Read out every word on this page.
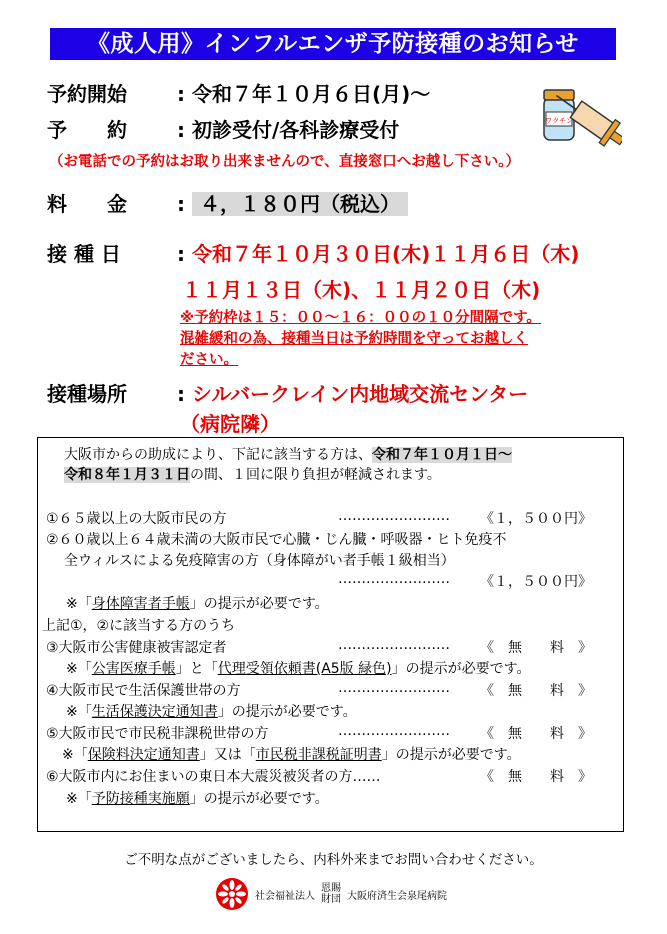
《成人用》インフルエンザ予防接種のお知らせ
ワクチン
予約開始	: 令和７年１０月６日(月)～
予　　約	: 初診受付/各科診療受付
（お電話での予約はお取り出来ませんので、直接窓口へお越し下さい。）
料　　金	: ４，１８０円（税込）
接 種 日	: 令和７年１０月３０日(木)１１月６日（木)
１１月１３日（木)、１１月２０日（木)
※予約枠は１５：００～１６：００の１０分間隔です。
混雑緩和の為、接種当日は予約時間を守ってお越しく
ださい。
接種場所	: シルバークレイン内地域交流センター
（病院隣）
大阪市からの助成により、下記に該当する方は、令和７年１０月１日～
令和８年１月３１日の間、１回に限り負担が軽減されます。
①６５歳以上の大阪市民の方	…………………… 《１，５００円》
②６０歳以上６４歳未満の大阪市民で心臓・じん臓・呼吸器・ヒト免疫不
全ウィルスによる免疫障害の方（身体障がい者手帳１級相当）
…………………… 《１，５００円》
※「身体障害者手帳」の提示が必要です。
上記①，②に該当する方のうち
③大阪市公害健康被害認定者	…………………… 《　無　　料　》
※「公害医療手帳」と「代理受領依頼書(A5版 緑色)」の提示が必要です。
④大阪市民で生活保護世帯の方	…………………… 《　無　　料　》
※「生活保護決定通知書」の提示が必要です。
⑤大阪市民で市民税非課税世帯の方	…………………… 《　無　　料　》
※「保険料決定通知書」又は「市民税非課税証明書」の提示が必要です。
⑥大阪市内にお住まいの東日本大震災被災者の方……	《　無　　料　》
※「予防接種実施願」の提示が必要です。
ご不明な点がございましたら、内科外来までお問い合わせください。
社会福祉法人
恩賜
財団 大阪府済生会泉尾病院
